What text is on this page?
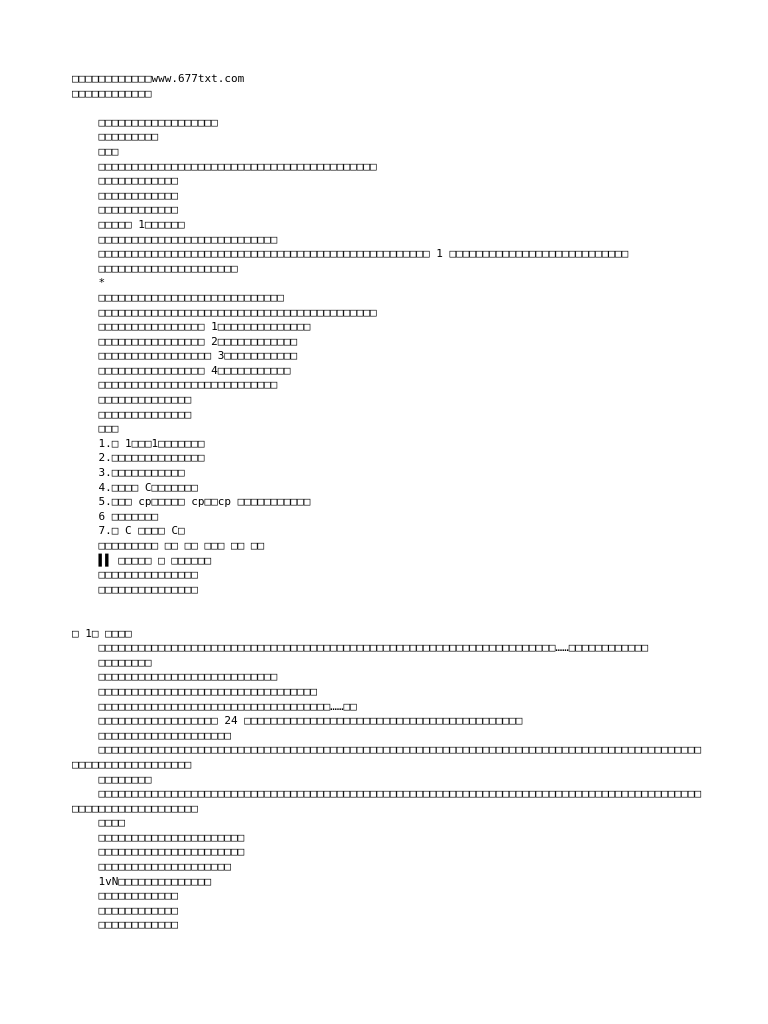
□□□□□□□□□□□□www.677txt.com
□□□□□□□□□□□□
□□□□□□□□□□□□□□□□□□
□□□□□□□□□
□□□
□□□□□□□□□□□□□□□□□□□□□□□□□□□□□□□□□□□□□□□□□□
□□□□□□□□□□□□
□□□□□□□□□□□□
□□□□□□□□□□□□
□□□□□ 1□□□□□□
□□□□□□□□□□□□□□□□□□□□□□□□□□□
□□□□□□□□□□□□□□□□□□□□□□□□□□□□□□□□□□□□□□□□□□□□□□□□□□ 1 □□□□□□□□□□□□□□□□□□□□□□□□□□□
□□□□□□□□□□□□□□□□□□□□□
*
□□□□□□□□□□□□□□□□□□□□□□□□□□□□
□□□□□□□□□□□□□□□□□□□□□□□□□□□□□□□□□□□□□□□□□□
□□□□□□□□□□□□□□□□ 1□□□□□□□□□□□□□□
□□□□□□□□□□□□□□□□ 2□□□□□□□□□□□□
□□□□□□□□□□□□□□□□□ 3□□□□□□□□□□□
□□□□□□□□□□□□□□□□ 4□□□□□□□□□□□
□□□□□□□□□□□□□□□□□□□□□□□□□□□
□□□□□□□□□□□□□□
□□□□□□□□□□□□□□
□□□
1.□ 1□□□1□□□□□□□
2.□□□□□□□□□□□□□□
3.□□□□□□□□□□□
4.□□□□ C□□□□□□□
5.□□□ cp□□□□□ cp□□cp □□□□□□□□□□□
6 □□□□□□□
7.□ C □□□□ C□
□□□□□□□□□ □□ □□ □□□ □□ □□
▌▌ □□□□□ □ □□□□□□
□□□□□□□□□□□□□□□
□□□□□□□□□□□□□□□
□ 1□ □□□□
□□□□□□□□□□□□□□□□□□□□□□□□□□□□□□□□□□□□□□□□□□□□□□□□□□□□□□□□□□□□□□□□□□□□□……□□□□□□□□□□□□
□□□□□□□□
□□□□□□□□□□□□□□□□□□□□□□□□□□□
□□□□□□□□□□□□□□□□□□□□□□□□□□□□□□□□□
□□□□□□□□□□□□□□□□□□□□□□□□□□□□□□□□□□□……□□
□□□□□□□□□□□□□□□□□□ 24 □□□□□□□□□□□□□□□□□□□□□□□□□□□□□□□□□□□□□□□□□□
□□□□□□□□□□□□□□□□□□□□
□□□□□□□□□□□□□□□□□□□□□□□□□□□□□□□□□□□□□□□□□□□□□□□□□□□□□□□□□□□□□□□□□□□□□□□□□□□□□□□□□□□□□□□□□□□□□□□□□□□□□□□□□□□□□
□□□□□□□□
□□□□□□□□□□□□□□□□□□□□□□□□□□□□□□□□□□□□□□□□□□□□□□□□□□□□□□□□□□□□□□□□□□□□□□□□□□□□□□□□□□□□□□□□□□□□□□□□□□□□□□□□□□□□□□
□□□□
□□□□□□□□□□□□□□□□□□□□□□
□□□□□□□□□□□□□□□□□□□□□□
□□□□□□□□□□□□□□□□□□□□
1vN□□□□□□□□□□□□□□
□□□□□□□□□□□□
□□□□□□□□□□□□
□□□□□□□□□□□□
